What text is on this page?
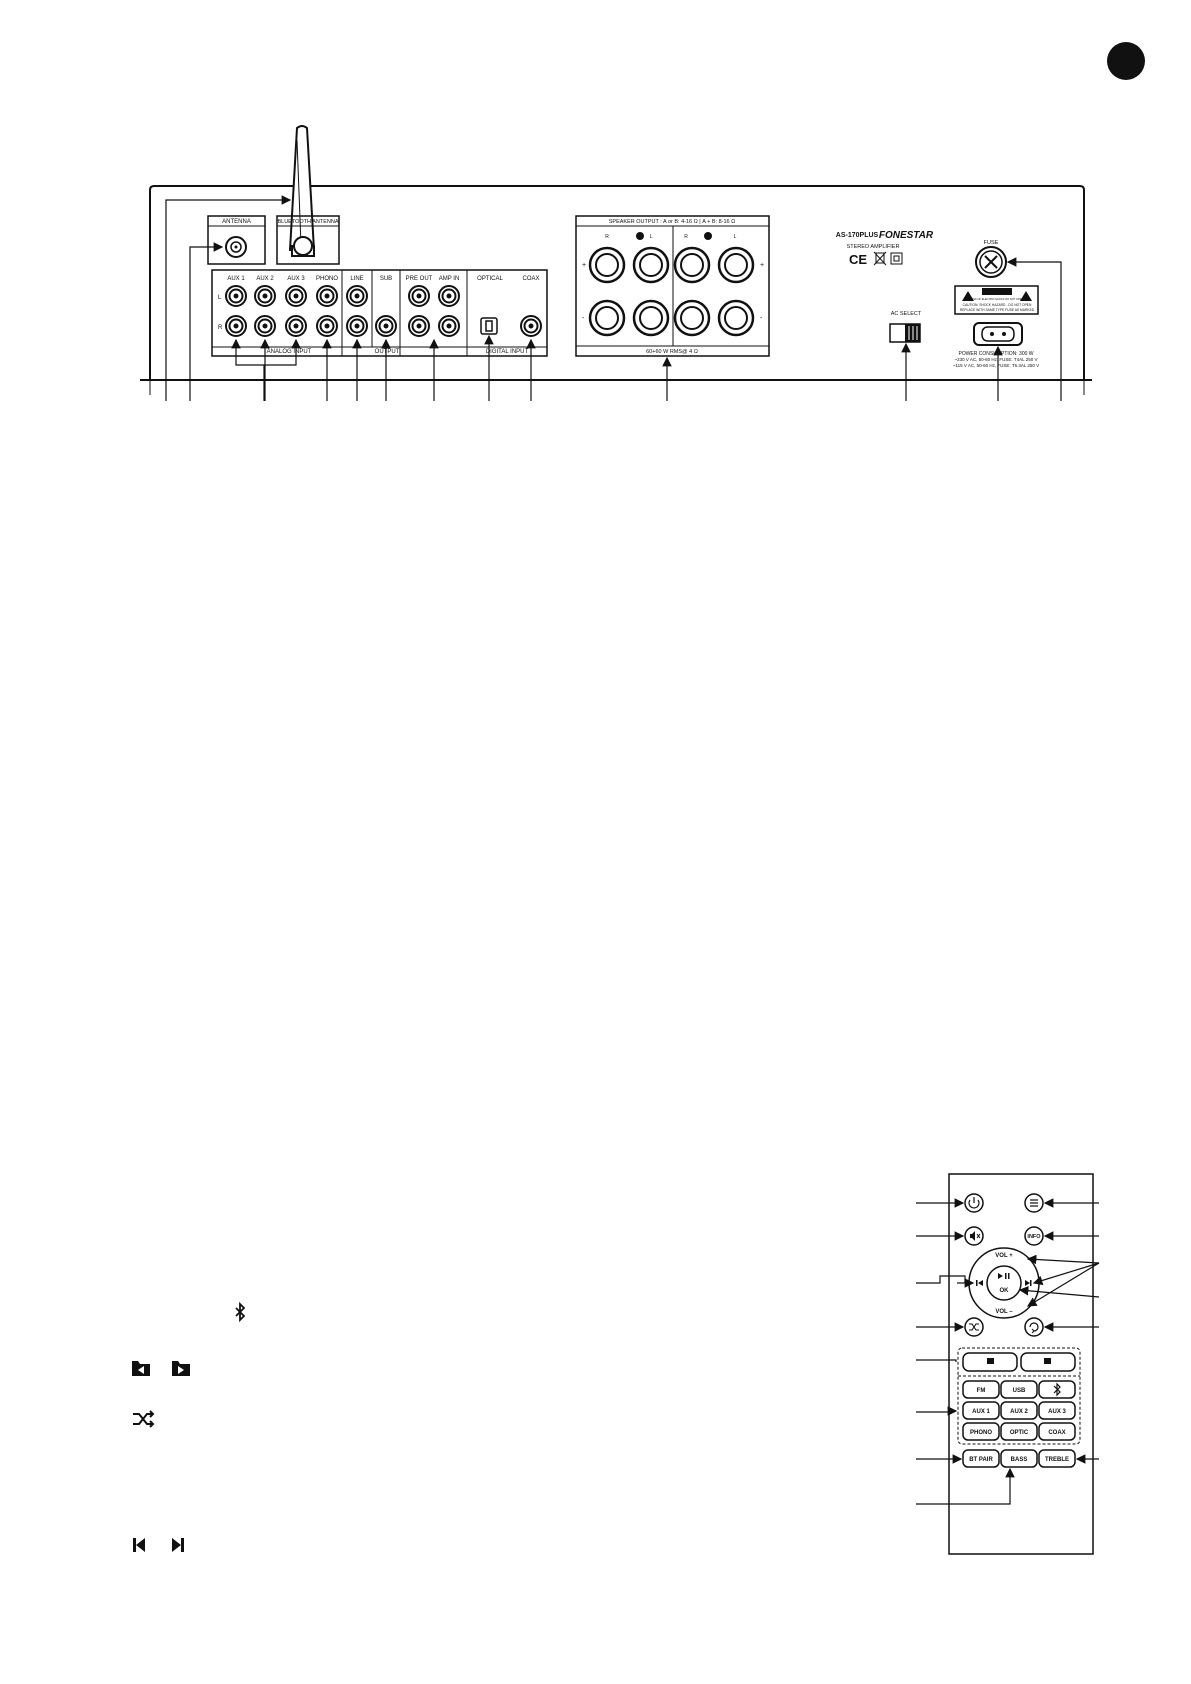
ANTENNA	BLUETOOTH ANTENNA
AUX 1 AUX 2 AUX 3 PHONO LINE	SUB PRE OUT AMP IN	OPTICAL	COAX
L
R
ANALOG INPUT	OUTPUT	DIGITAL INPUT
SPEAKER OUTPUT : A or B: 4-16 Ω | A + B: 8-16 Ω
B	A
R	L	R	L
+
-
+
-
60+60 W RMS@ 4 Ω
AS-170PLUS FONESTAR
STEREO AMPLIFIER
CE
FUSE
CAUTION
RISK OF ELECTRIC SHOCK DO NOT OPEN
CAUTION: SHOCK HAZARD - DO NOT OPEN
REPLACE WITH SAME TYPE FUSE AS MARKED
POWER CONSUMPTION: 300 W
~230 V AC, 50-60 Hz, FUSE: T4AL 250 V
~115 V AC, 50-60 Hz, FUSE: T6.3AL 250 V
AC SELECT
INFO
VOL +
VOL –
OK
FM	USB
AUX 1	AUX 2	AUX 3
PHONO	OPTIC	COAX
BT PAIR	BASS	TREBLE
